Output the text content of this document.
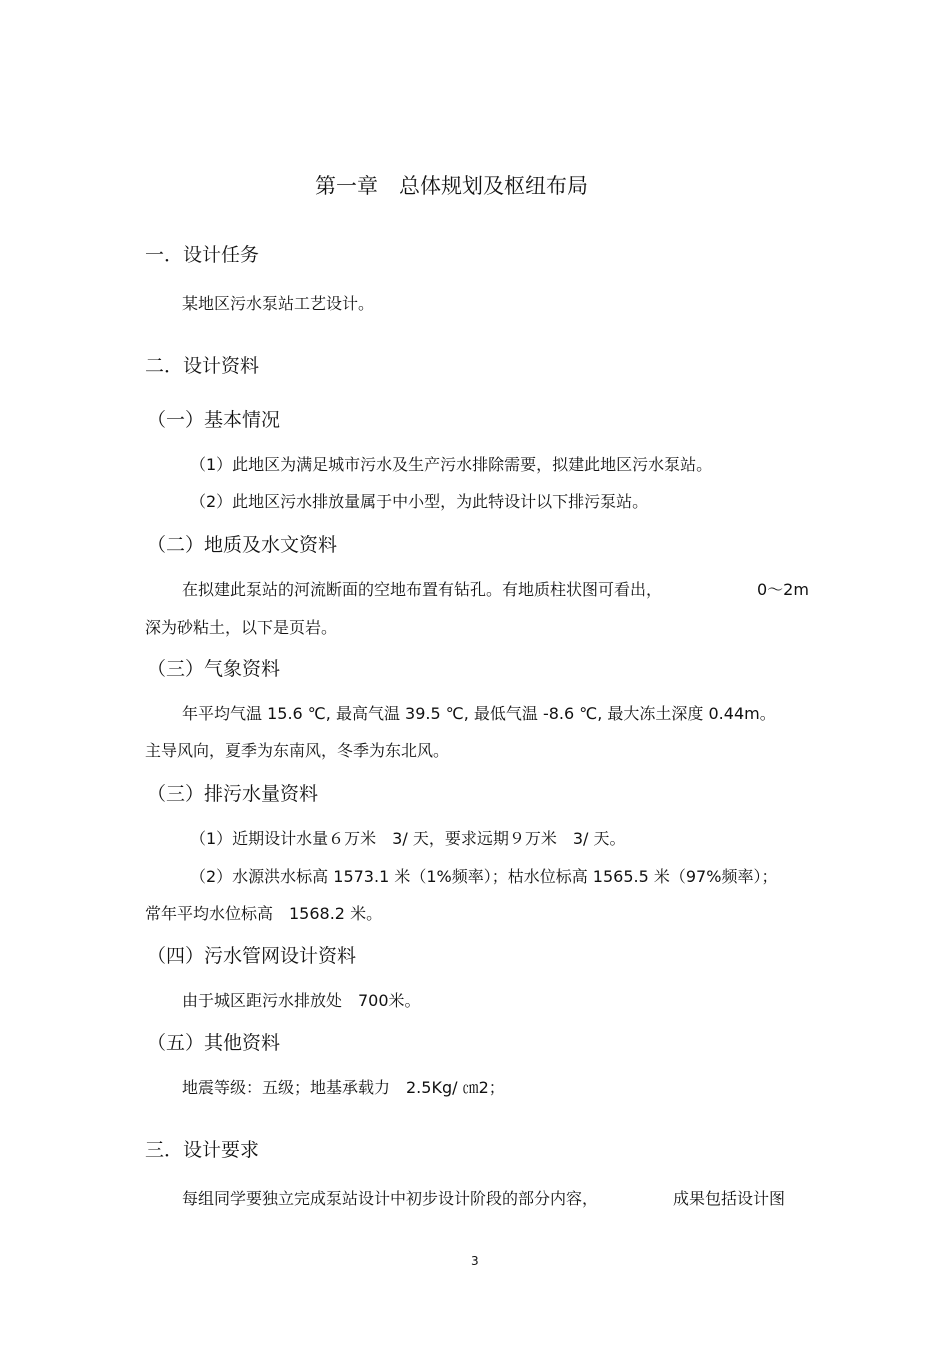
第一章　总体规划及枢纽布局
一．设计任务
某地区污水泵站工艺设计。
二．设计资料
（一）基本情况
（1）此地区为满足城市污水及生产污水排除需要，拟建此地区污水泵站。
（2）此地区污水排放量属于中小型，为此特设计以下排污泵站。
（二）地质及水文资料
在拟建此泵站的河流断面的空地布置有钻孔。有地质柱状图可看出，	0～2m
深为砂粘土，以下是页岩。
（三）气象资料
年平均气温 15.6 ℃, 最高气温 39.5 ℃, 最低气温 -8.6 ℃, 最大冻土深度 0.44m。
主导风向，夏季为东南风，冬季为东北风。
（三）排污水量资料
（1）近期设计水量６万米　3/ 天，要求远期９万米　3/ 天。
（2）水源洪水标高 1573.1 米（1%频率）；枯水位标高 1565.5 米（97%频率）；
常年平均水位标高　1568.2 米。
（四）污水管网设计资料
由于城区距污水排放处　700米。
（五）其他资料
地震等级：五级；地基承载力　2.5Kg/ ㎝2；
三．设计要求
每组同学要独立完成泵站设计中初步设计阶段的部分内容，	成果包括设计图
3
